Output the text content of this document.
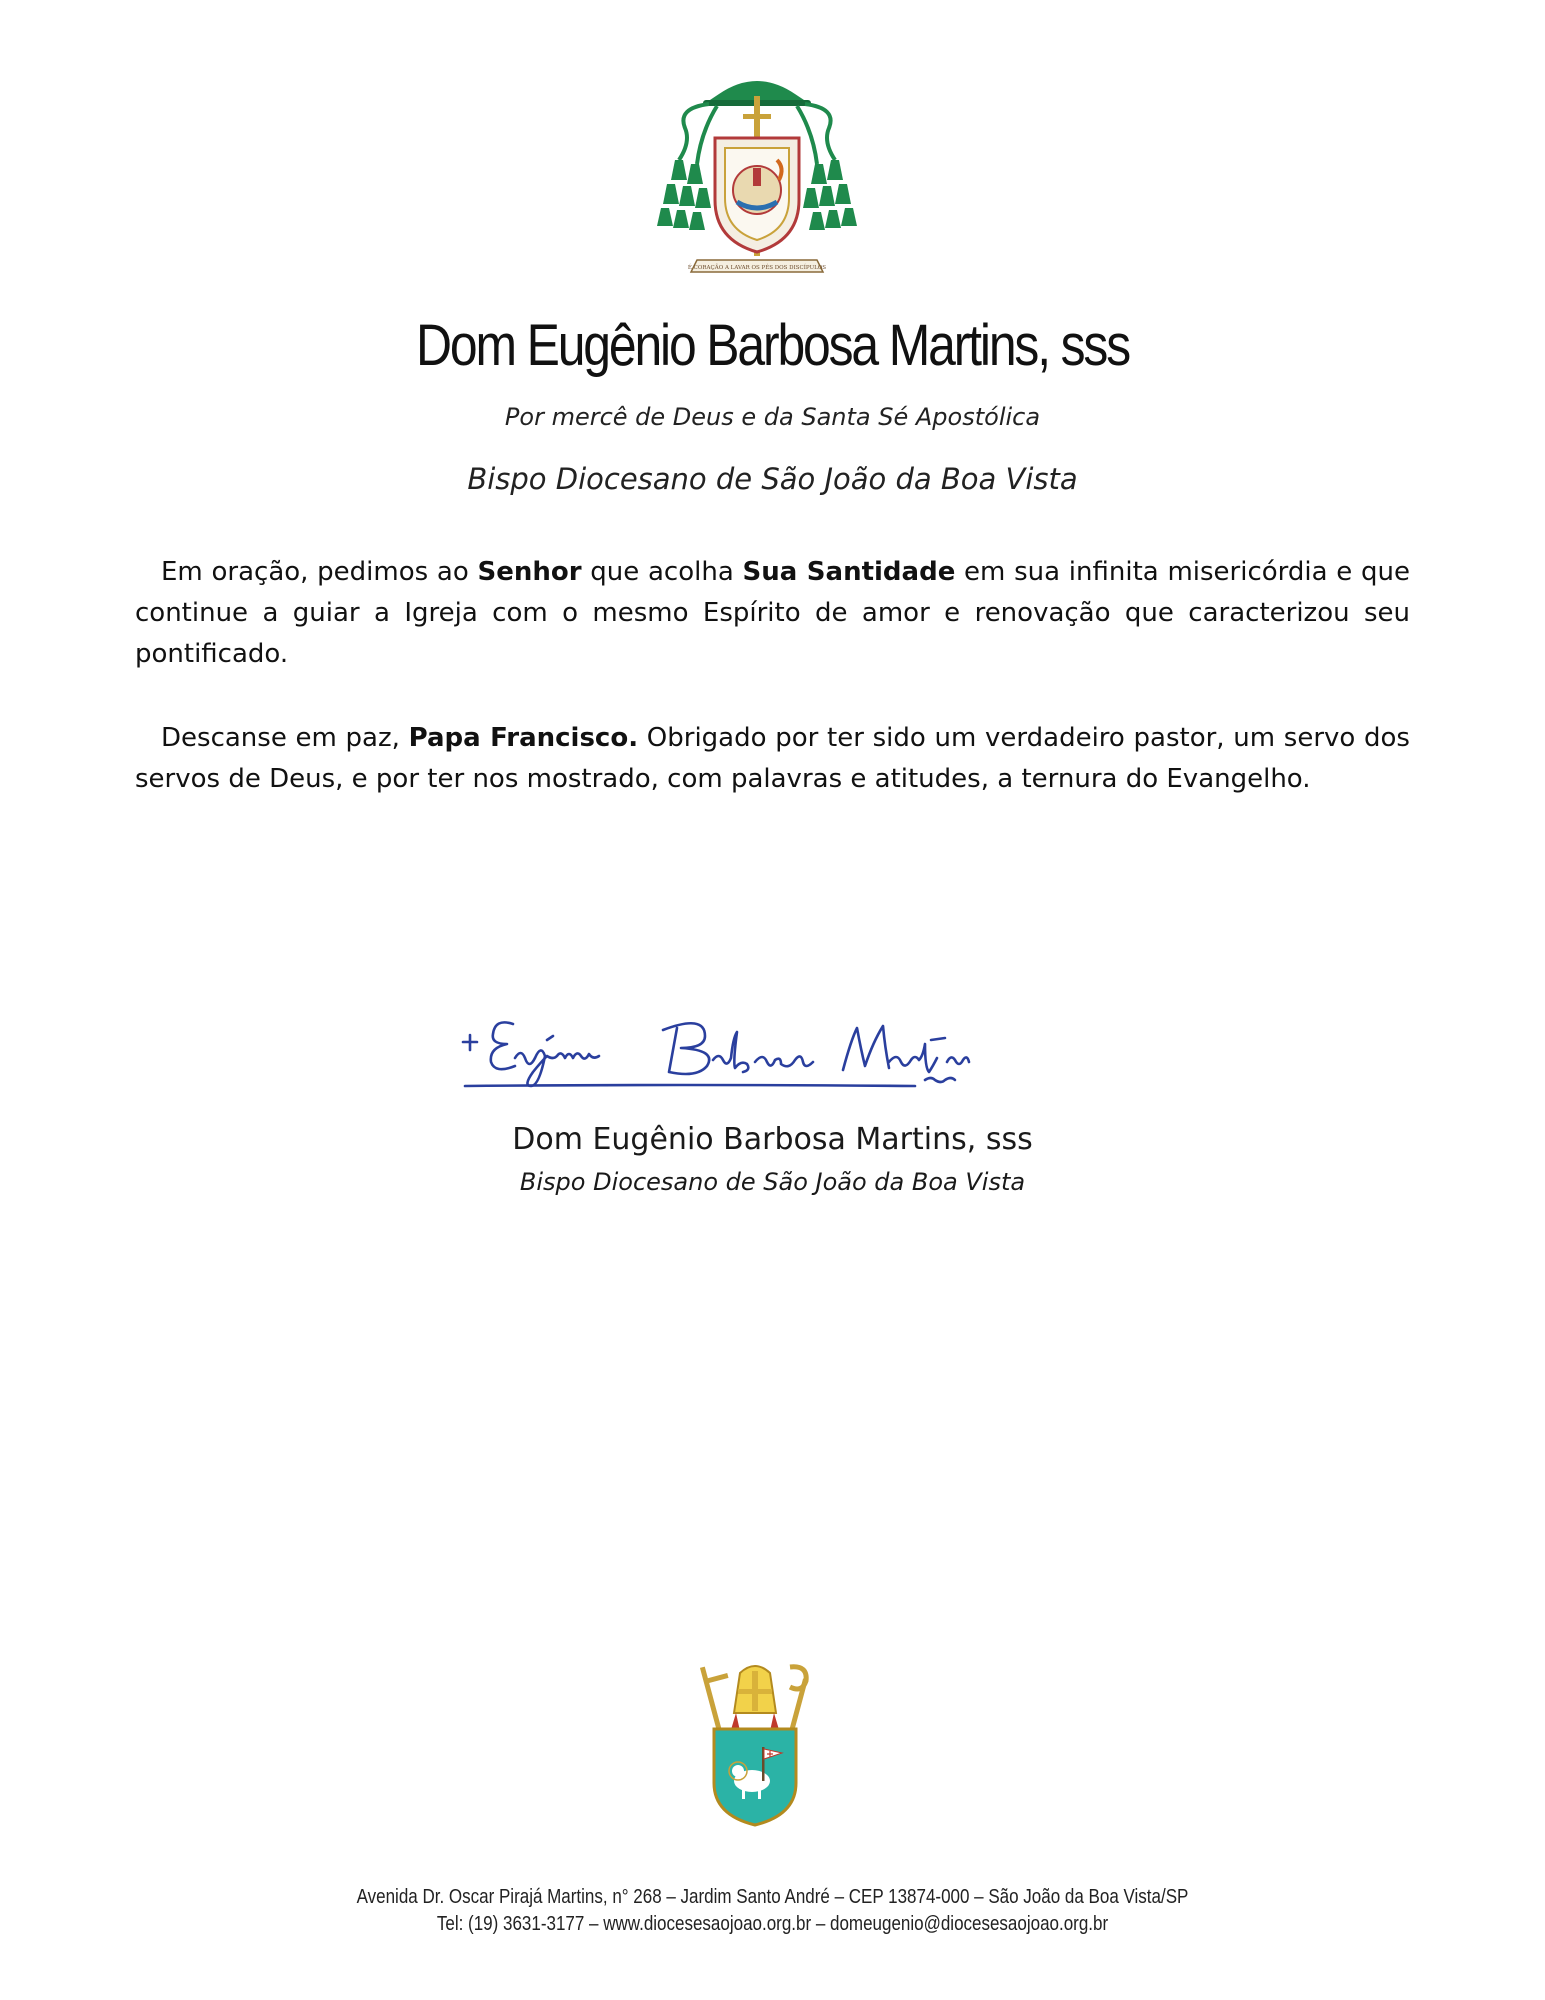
É CORAÇÃO A LAVAR OS PÉS DOS DISCÍPULOS
Dom Eugênio Barbosa Martins, sss
Por mercê de Deus e da Santa Sé Apostólica
Bispo Diocesano de São João da Boa Vista

Em oração, pedimos ao Senhor que acolha Sua Santidade em sua infinita misericórdia e que continue a guiar a Igreja com o mesmo Espírito de amor e renovação que caracterizou seu pontificado.

Descanse em paz, Papa Francisco. Obrigado por ter sido um verdadeiro pastor, um servo dos servos de Deus, e por ter nos mostrado, com palavras e atitudes, a ternura do Evangelho.

Dom Eugênio Barbosa Martins, sss
Bispo Diocesano de São João da Boa Vista
Avenida Dr. Oscar Pirajá Martins, n° 268 – Jardim Santo André – CEP 13874-000 – São João da Boa Vista/SP
Tel: (19) 3631-3177 – www.diocesesaojoao.org.br – domeugenio@diocesesaojoao.org.br
